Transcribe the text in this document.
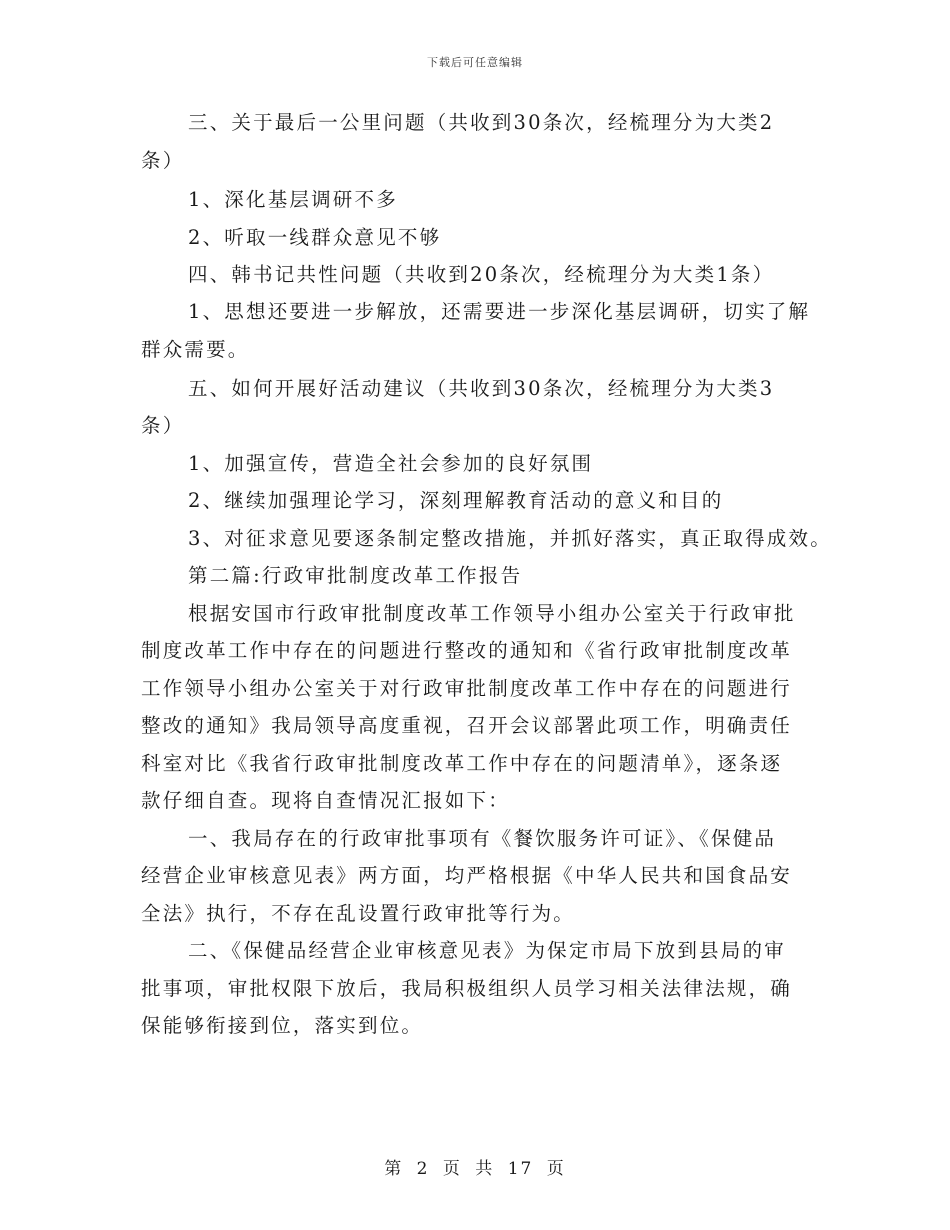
下载后可任意编辑
三、关于最后一公里问题（共收到30条次，经梳理分为大类2
条）
1、深化基层调研不多
2、听取一线群众意见不够
四、韩书记共性问题（共收到20条次，经梳理分为大类1条）
1、思想还要进一步解放，还需要进一步深化基层调研，切实了解
群众需要。
五、如何开展好活动建议（共收到30条次，经梳理分为大类3
条）
1、加强宣传，营造全社会参加的良好氛围
2、继续加强理论学习，深刻理解教育活动的意义和目的
3、对征求意见要逐条制定整改措施，并抓好落实，真正取得成效。
第二篇:行政审批制度改革工作报告
根据安国市行政审批制度改革工作领导小组办公室关于行政审批
制度改革工作中存在的问题进行整改的通知和《省行政审批制度改革
工作领导小组办公室关于对行政审批制度改革工作中存在的问题进行
整改的通知》我局领导高度重视，召开会议部署此项工作，明确责任
科室对比《我省行政审批制度改革工作中存在的问题清单》，逐条逐
款仔细自查。现将自查情况汇报如下：
一、我局存在的行政审批事项有《餐饮服务许可证》、《保健品
经营企业审核意见表》两方面，均严格根据《中华人民共和国食品安
全法》执行，不存在乱设置行政审批等行为。
二、《保健品经营企业审核意见表》为保定市局下放到县局的审
批事项，审批权限下放后，我局积极组织人员学习相关法律法规，确
保能够衔接到位，落实到位。
第 2 页 共 17 页
